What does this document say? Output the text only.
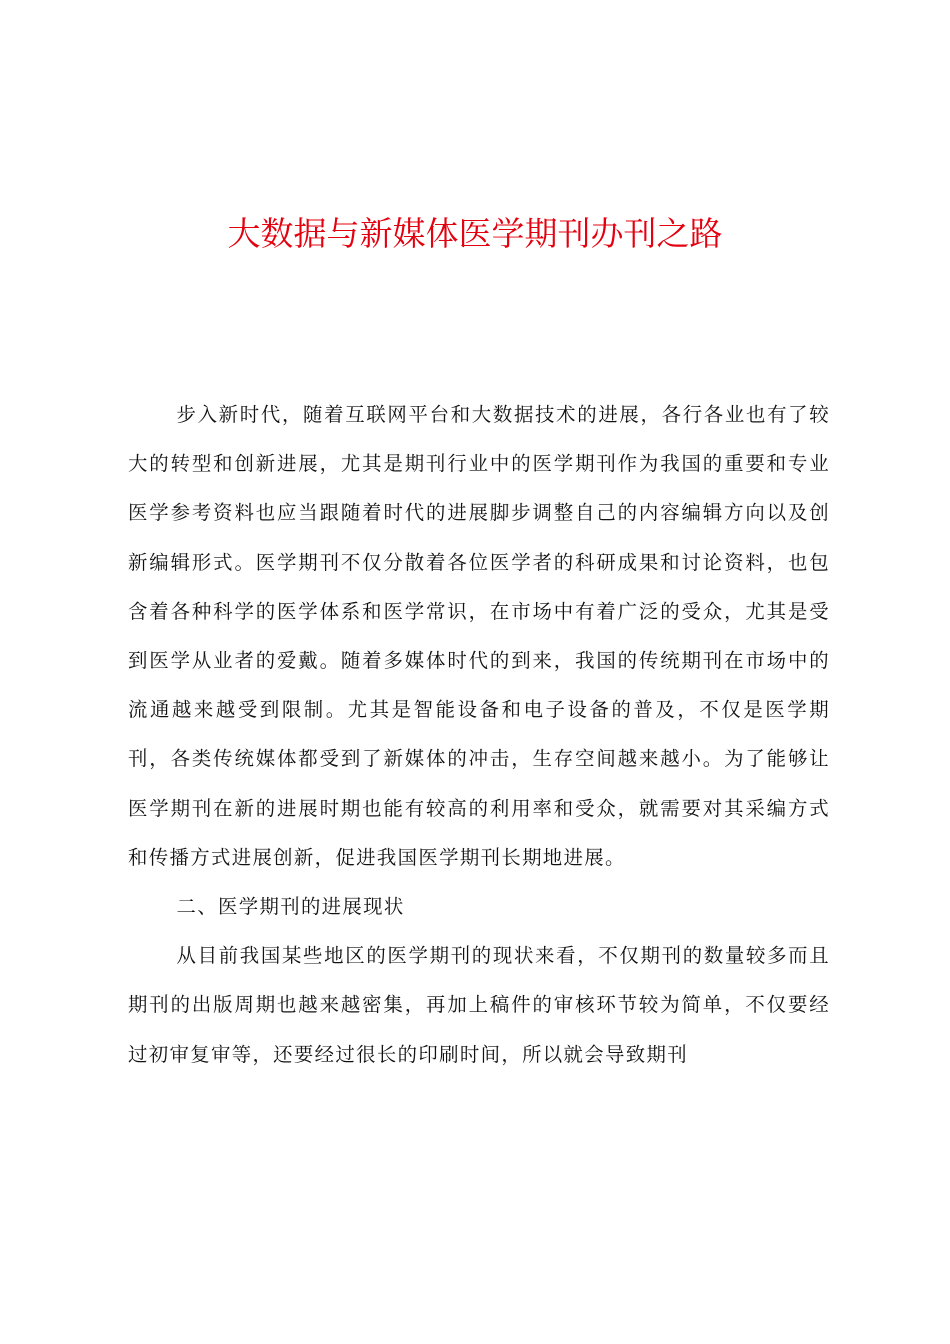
大数据与新媒体医学期刊办刊之路

步入新时代，随着互联网平台和大数据技术的进展，各行各业也有了较大的转型和创新进展，尤其是期刊行业中的医学期刊作为我国的重要和专业医学参考资料也应当跟随着时代的进展脚步调整自己的内容编辑方向以及创新编辑形式。医学期刊不仅分散着各位医学者的科研成果和讨论资料，也包含着各种科学的医学体系和医学常识，在市场中有着广泛的受众，尤其是受到医学从业者的爱戴。随着多媒体时代的到来，我国的传统期刊在市场中的流通越来越受到限制。尤其是智能设备和电子设备的普及，不仅是医学期刊，各类传统媒体都受到了新媒体的冲击，生存空间越来越小。为了能够让医学期刊在新的进展时期也能有较高的利用率和受众，就需要对其采编方式和传播方式进展创新，促进我国医学期刊长期地进展。

二、医学期刊的进展现状

从目前我国某些地区的医学期刊的现状来看，不仅期刊的数量较多而且期刊的出版周期也越来越密集，再加上稿件的审核环节较为简单，不仅要经过初审复审等，还要经过很长的印刷时间，所以就会导致期刊
